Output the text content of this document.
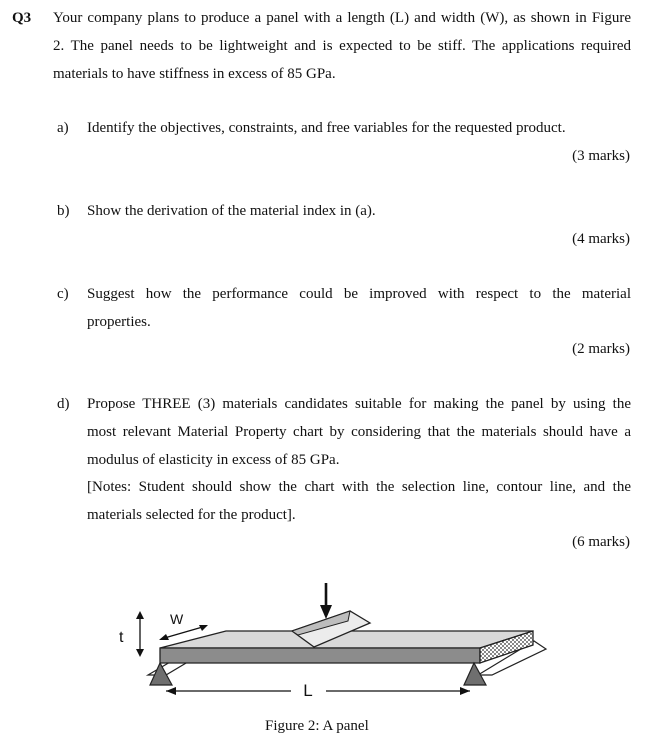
Q3 Your company plans to produce a panel with a length (L) and width (W), as shown in Figure
2. The panel needs to be lightweight and is expected to be stiff. The applications required
materials to have stiffness in excess of 85 GPa.
a) Identify the objectives, constraints, and free variables for the requested product.
(3 marks)
b) Show the derivation of the material index in (a).
(4 marks)
c) Suggest how the performance could be improved with respect to the material
properties.
(2 marks)
d) Propose THREE (3) materials candidates suitable for making the panel by using the
most relevant Material Property chart by considering that the materials should have a
modulus of elasticity in excess of 85 GPa.
[Notes: Student should show the chart with the selection line, contour line, and the
materials selected for the product].
(6 marks)
L
t
W
Figure 2: A panel
